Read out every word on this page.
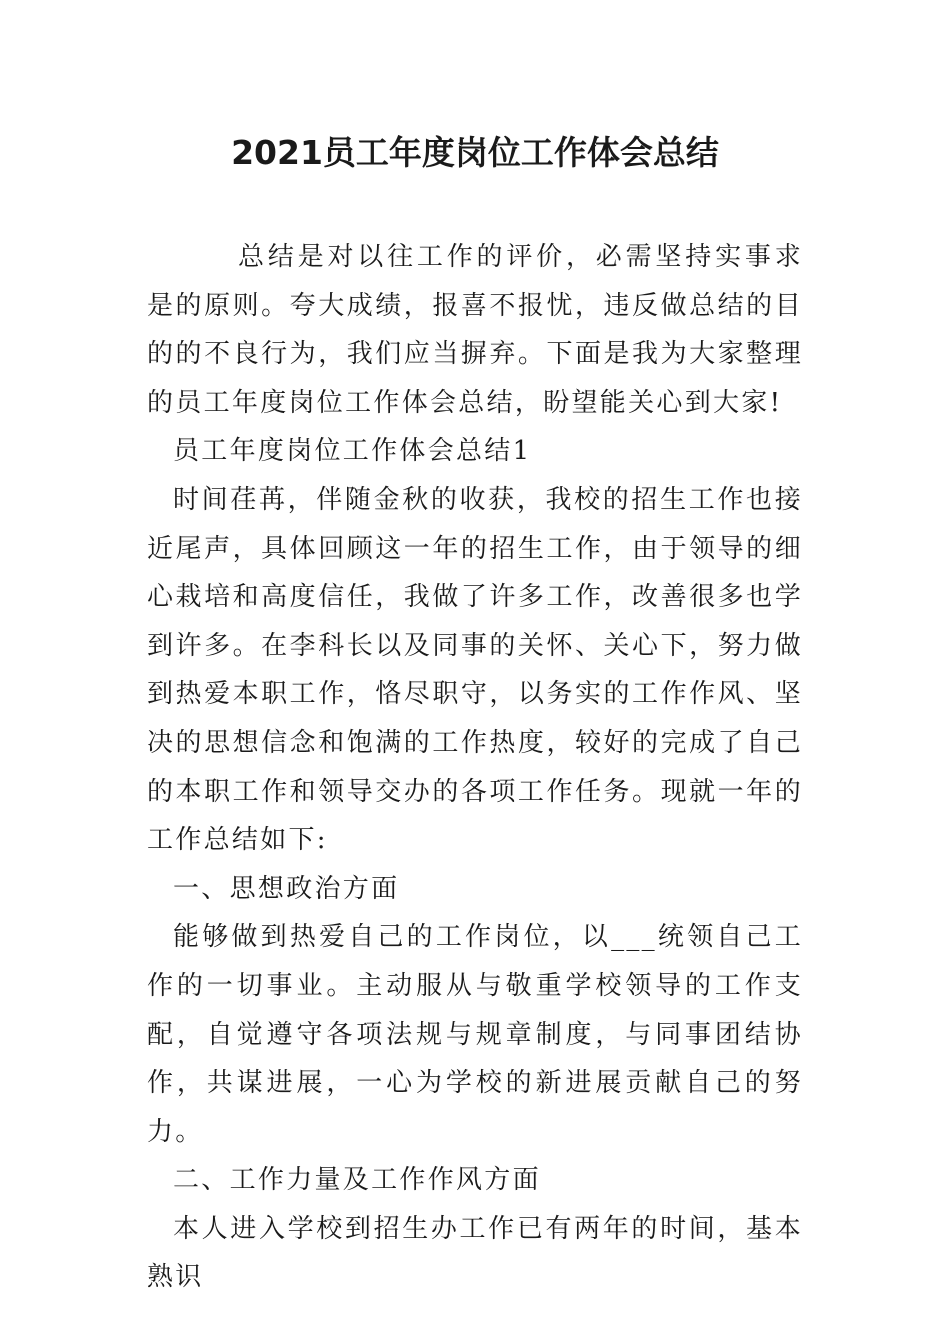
2021员工年度岗位工作体会总结

总结是对以往工作的评价，必需坚持实事求是的原则。夸大成绩，报喜不报忧，违反做总结的目的的不良行为，我们应当摒弃。下面是我为大家整理的员工年度岗位工作体会总结，盼望能关心到大家!

员工年度岗位工作体会总结1

时间荏苒，伴随金秋的收获，我校的招生工作也接近尾声，具体回顾这一年的招生工作，由于领导的细心栽培和高度信任，我做了许多工作，改善很多也学到许多。在李科长以及同事的关怀、关心下，努力做到热爱本职工作，恪尽职守，以务实的工作作风、坚决的思想信念和饱满的工作热度，较好的完成了自己的本职工作和领导交办的各项工作任务。现就一年的工作总结如下:

一、思想政治方面

能够做到热爱自己的工作岗位，以___统领自己工作的一切事业。主动服从与敬重学校领导的工作支配，自觉遵守各项法规与规章制度，与同事团结协作，共谋进展，一心为学校的新进展贡献自己的努力。

二、工作力量及工作作风方面

本人进入学校到招生办工作已有两年的时间，基本熟识
